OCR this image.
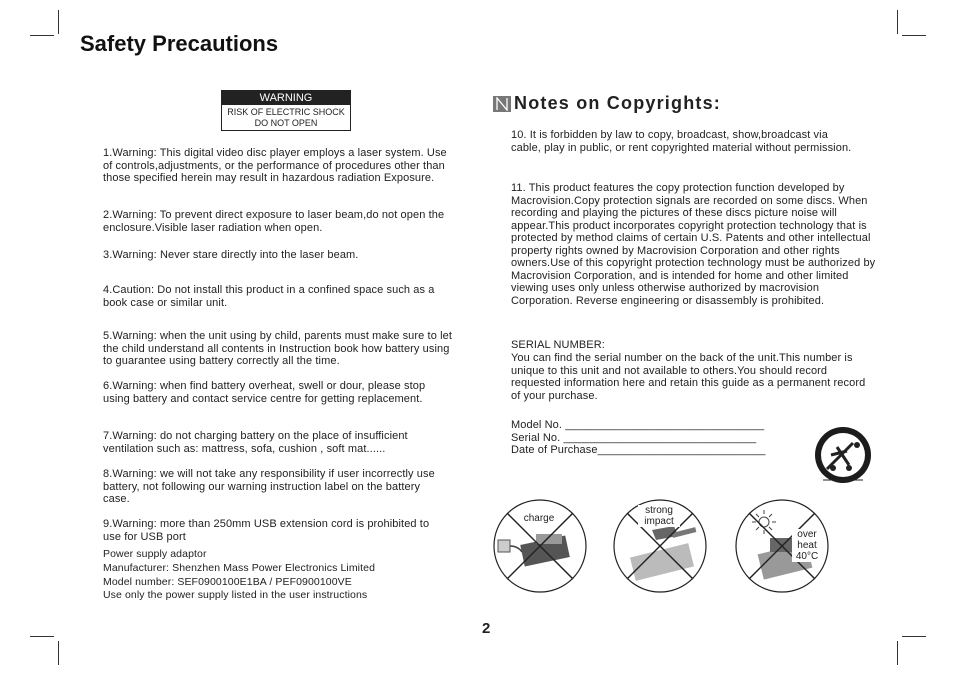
Safety Precautions
WARNING
RISK OF ELECTRIC SHOCK
DO NOT OPEN

1.Warning: This digital video disc player employs a laser system. Use of controls,adjustments, or the performance of procedures other than those specified herein may result in hazardous radiation Exposure.

2.Warning: To prevent direct exposure to laser beam,do not open the enclosure.Visible laser radiation when open.

3.Warning: Never stare directly into the laser beam.

4.Caution: Do not install this product in a confined space such as a book case or similar unit.

5.Warning: when the unit using by child, parents must make sure to let the child understand all contents in Instruction book how battery using to guarantee using battery correctly all the time.

6.Warning: when find battery overheat, swell or dour, please stop using battery and contact service centre for getting replacement.

7.Warning: do not charging battery on the place of insufficient ventilation such as: mattress, sofa, cushion , soft mat......

8.Warning: we will not take any responsibility if user incorrectly use battery, not following our warning instruction label on the battery case.

9.Warning: more than 250mm USB extension cord is prohibited to use for USB port

Power supply adaptor
Manufacturer: Shenzhen Mass Power Electronics Limited
Model number: SEF0900100E1BA / PEF0900100VE
Use only the power supply listed in the user instructions
Notes on Copyrights:

10. It is forbidden by law to copy, broadcast, show,broadcast via cable, play in public, or rent copyrighted material without permission.

11. This product features the copy protection function developed by Macrovision.Copy protection signals are recorded on some discs. When recording and playing the pictures of these discs picture noise will appear.This product incorporates copyright protection technology that is protected by method claims of certain U.S. Patents and other intellectual property rights owned by Macrovision Corporation and other rights owners.Use of this copyright protection technology must be authorized by Macrovision Corporation, and is intended for home and other limited viewing uses only unless otherwise authorized by macrovision Corporation. Reverse engineering or disassembly is prohibited.

SERIAL NUMBER:

You can find the serial number on the back of the unit.This number is unique to this unit and not available to others.You should record requested information here and retain this guide as a permanent record of your purchase.

Model No. ________________________________
Serial No. _______________________________
Date of Purchase___________________________
charge
strong impact
over heat 40°C
2
